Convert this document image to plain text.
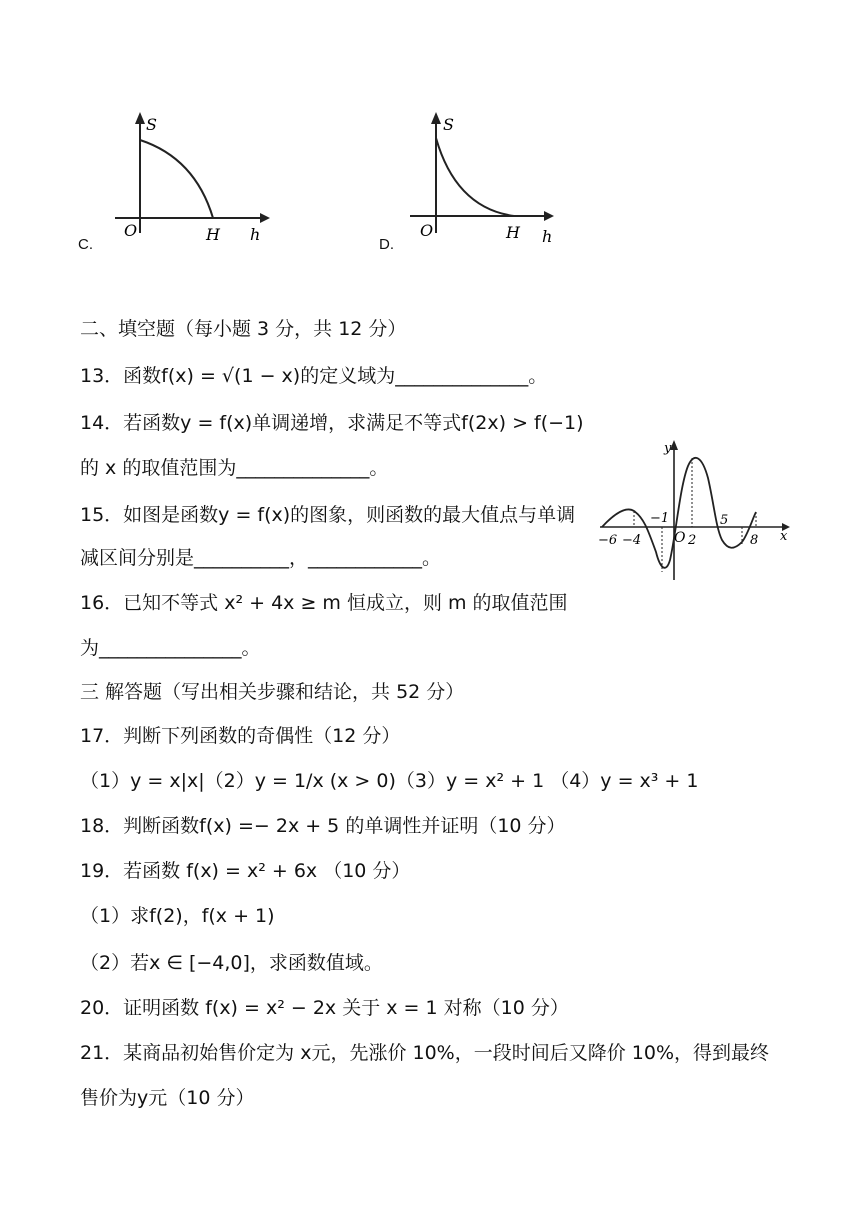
S
O	H h
C.
S
O	H h
D.
二、填空题（每小题 3 分，共 12 分）
13．函数f(x) = √(1 − x)的定义域为______________。
14．若函数y = f(x)单调递增，求满足不等式f(2x) > f(−1)
的 x 的取值范围为______________。
15．如图是函数y = f(x)的图象，则函数的最大值点与单调
减区间分别是__________，____________。
16．已知不等式 x² + 4x ≥ m 恒成立，则 m 的取值范围
为_______________。
y
x
O
−6 −4
−1
2
5
8
三 解答题（写出相关步骤和结论，共 52 分）
17．判断下列函数的奇偶性（12 分）
（1）y = x|x|（2）y = 1/x (x > 0)（3）y = x² + 1 （4）y = x³ + 1
18．判断函数f(x) =− 2x + 5 的单调性并证明（10 分）
19．若函数 f(x) = x² + 6x （10 分）
（1）求f(2)，f(x + 1)
（2）若x ∈ [−4,0]，求函数值域。
20．证明函数 f(x) = x² − 2x 关于 x = 1 对称（10 分）
21．某商品初始售价定为 x元，先涨价 10%，一段时间后又降价 10%，得到最终
售价为y元（10 分）
